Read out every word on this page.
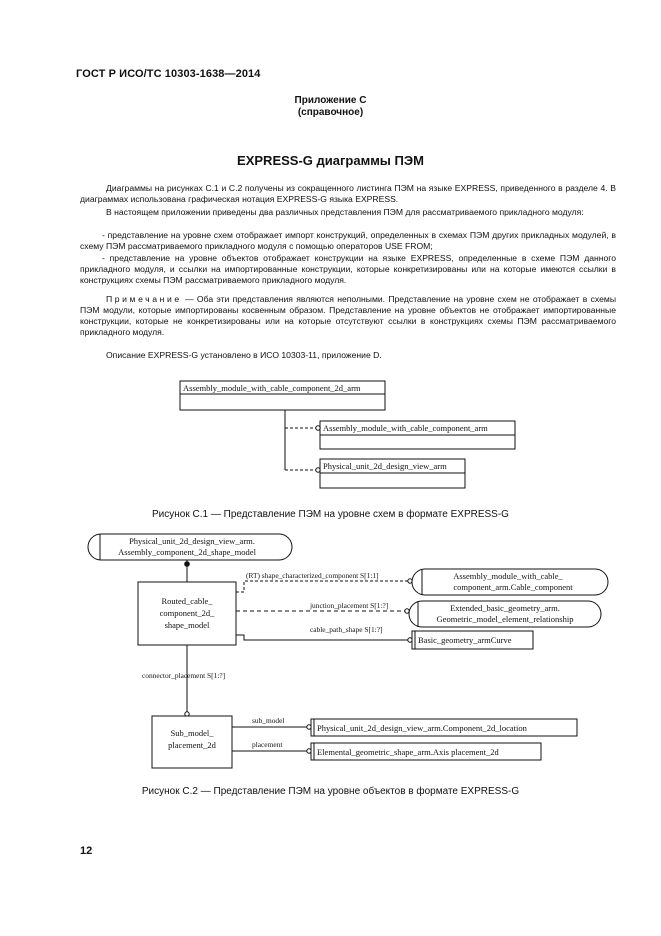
ГОСТ Р ИСО/ТС 10303-1638—2014
Приложение С
(справочное)
EXPRESS-G диаграммы ПЭМ

Диаграммы на рисунках С.1 и С.2 получены из сокращенного листинга ПЭМ на языке EXPRESS, приведенного в разделе 4. В диаграммах использована графическая нотация EXPRESS-G языка EXPRESS.

В настоящем приложении приведены два различных представления ПЭМ для рассматриваемого прикладного модуля:

- представление на уровне схем отображает импорт конструкций, определенных в схемах ПЭМ других прикладных модулей, в схему ПЭМ рассматриваемого прикладного модуля с помощью операторов USE FROM;

- представление на уровне объектов отображает конструкции на языке EXPRESS, определенные в схеме ПЭМ данного прикладного модуля, и ссылки на импортированные конструкции, которые конкретизированы или на которые имеются ссылки в конструкциях схемы ПЭМ рассматриваемого прикладного модуля.

Примечание — Оба эти представления являются неполными. Представление на уровне схем не отображает в схемы ПЭМ модули, которые импортированы косвенным образом. Представление на уровне объектов не отображает импортированные конструкции, которые не конкретизированы или на которые отсутствуют ссылки в конструкциях схемы ПЭМ рассматриваемого прикладного модуля.

Описание EXPRESS-G установлено в ИСО 10303-11, приложение D.

Assembly_module_with_cable_component_2d_arm
Assembly_module_with_cable_component_arm
Physical_unit_2d_design_view_arm
Рисунок С.1 — Представление ПЭМ на уровне схем в формате EXPRESS-G
Physical_unit_2d_design_view_arm.
Assembly_component_2d_shape_model
Routed_cable_
component_2d_
shape_model
(RT) shape_characterized_component S[1:1]	Assembly_module_with_cable_
component_arm.Cable_component
junction_placement S[1:?]	Extended_basic_geometry_arm.
Geometric_model_element_relationship
cable_path_shape S[1:?]
Basic_geometry_armCurve
connector_placement S[1:?]
Sub_model_
placement_2d
sub_model
Physical_unit_2d_design_view_arm.Component_2d_location
placement
Elemental_geometric_shape_arm.Axis placement_2d
Рисунок С.2 — Представление ПЭМ на уровне объектов в формате EXPRESS-G
12
